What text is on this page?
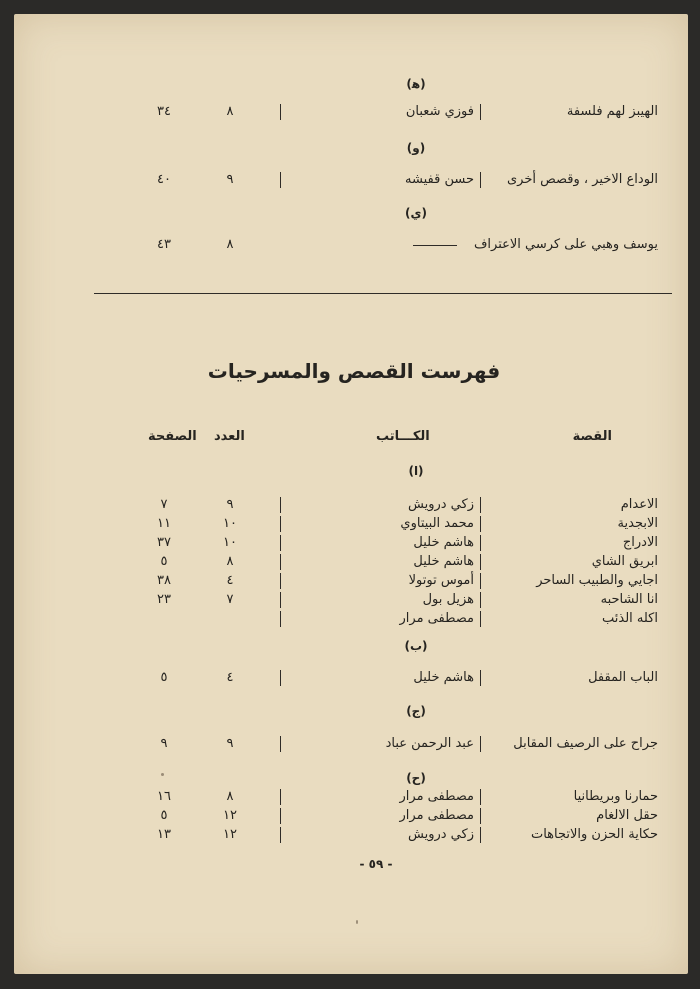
(ﻫ)
الهيبز لهم فلسفة
فوزي شعبان
٨
٣٤
(و)
الوداع الاخير ، وقصص أخرى
حسن قفيشه
٩
٤٠
(ي)
يوسف وهبي على كرسي الاعتراف
٨
٤٣
فهرست القصص والمسرحيات
القصة
الكـــاتب
العدد
الصفحة
(ا)
الاعدام
زكي درويش
٩
٧
الابجدية
محمد البيتاوي
١٠
١١
الادراج
هاشم خليل
١٠
٣٧
ابريق الشاي
هاشم خليل
٨
٥
اجايي والطبيب الساحر
أموس توتولا
٤
٣٨
انا الشاحبه
هزيل بول
٧
٢٣
اكله الذئب
مصطفى مرار
(ب)
الباب المقفل
هاشم خليل
٤
٥
(ج)
جراح على الرصيف المقابل
عبد الرحمن عباد
٩
٩
(ح)
حمارنا وبريطانيا
مصطفى مرار
٨
١٦
حقل الالغام
مصطفى مرار
١٢
٥
حكاية الحزن والاتجاهات
زكي درويش
١٢
١٣
- ٥٩ -
